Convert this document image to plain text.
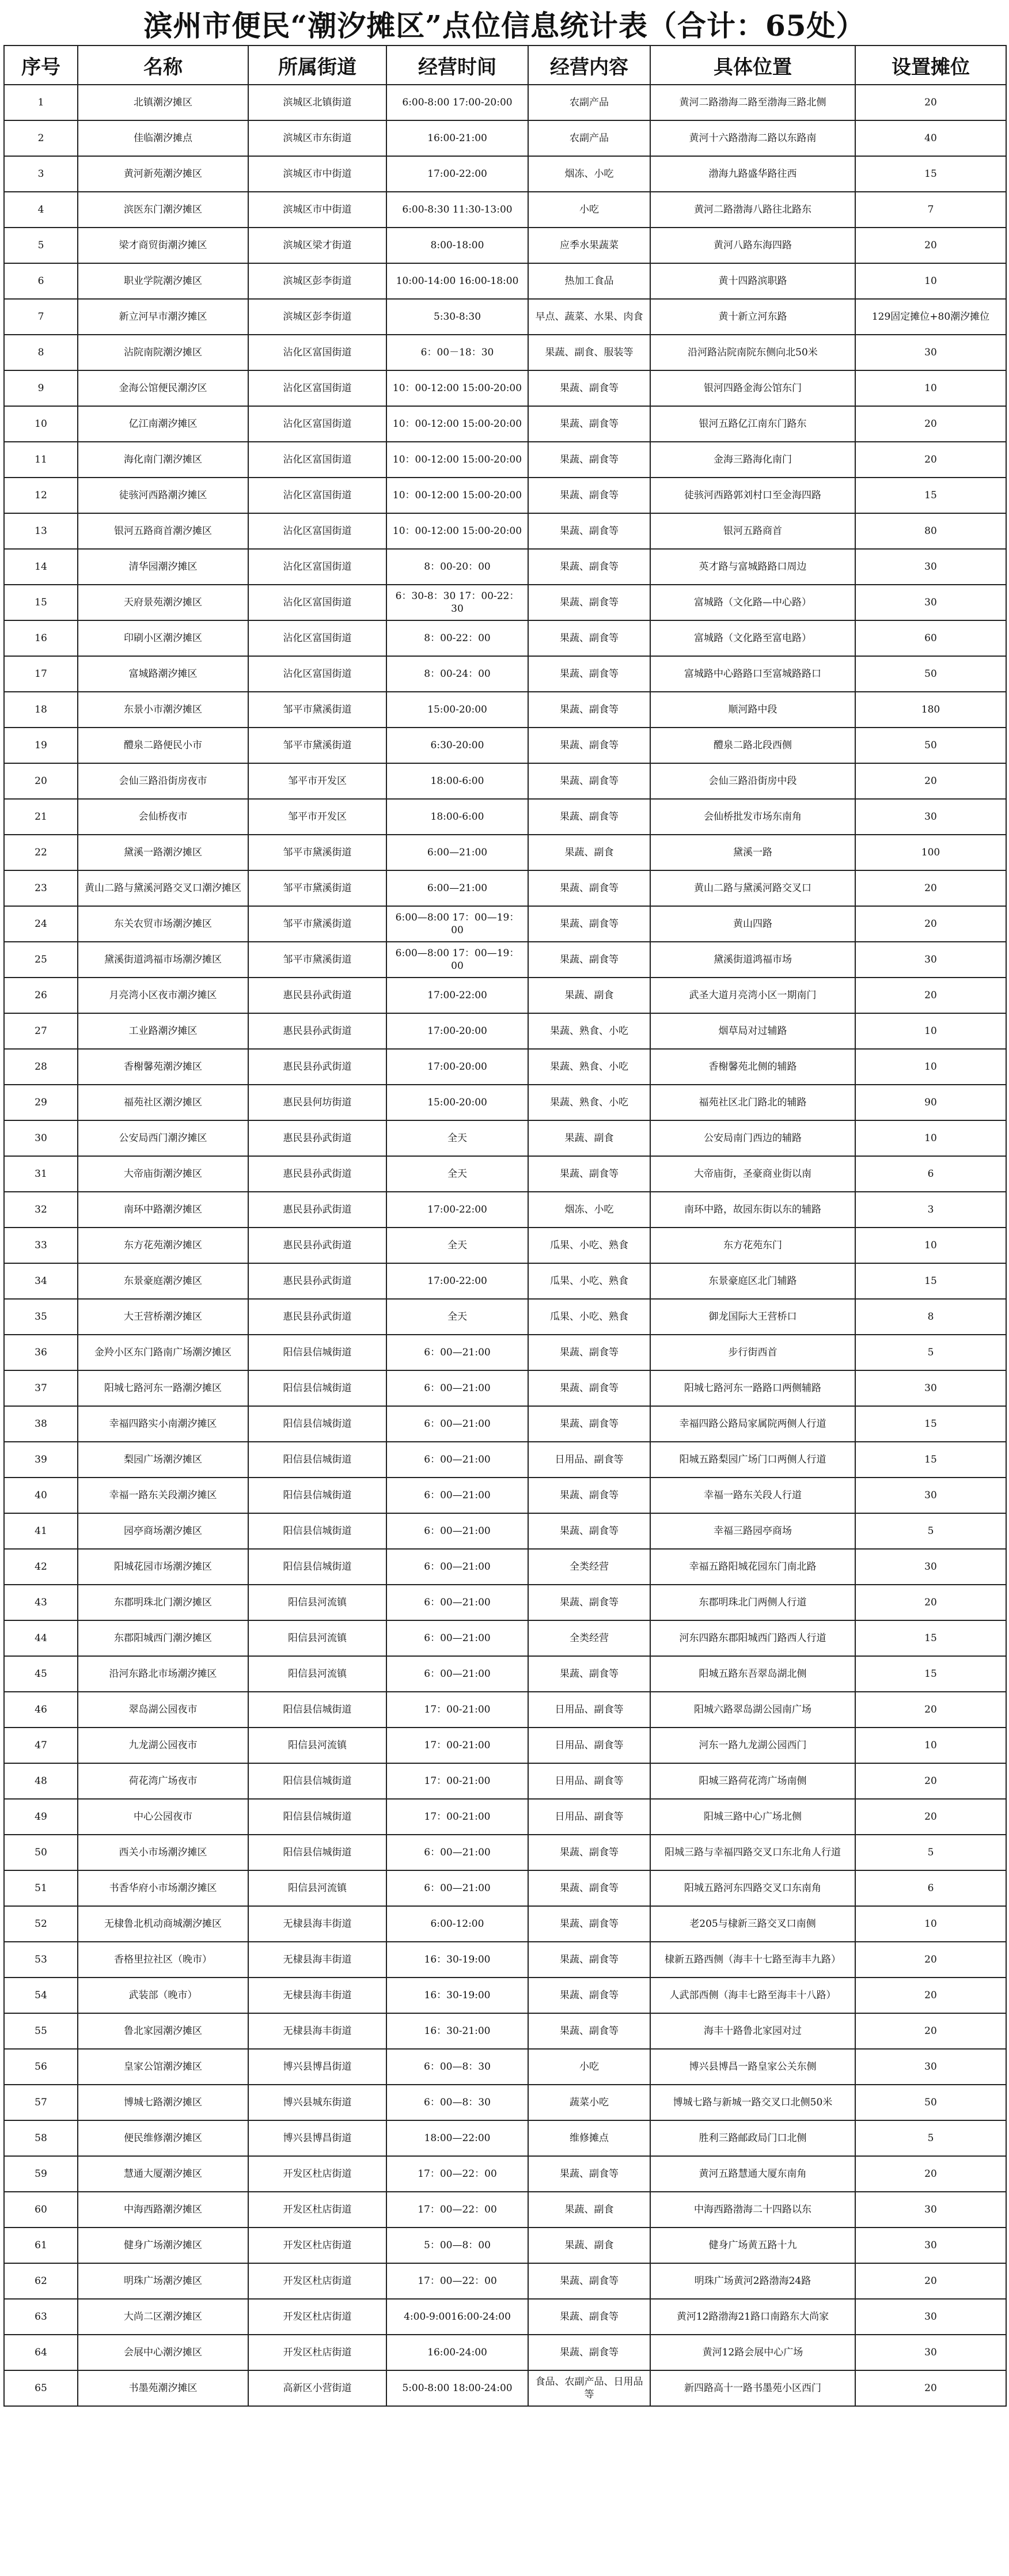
滨州市便民“潮汐摊区”点位信息统计表（合计：65处）
序号	名称	所属街道	经营时间	经营内容	具体位置	设置摊位
1	北镇潮汐摊区	滨城区北镇街道	6:00-8:00 17:00-20:00	农副产品	黄河二路渤海二路至渤海三路北侧	20
2	佳临潮汐摊点	滨城区市东街道	16:00-21:00	农副产品	黄河十六路渤海二路以东路南	40
3	黄河新苑潮汐摊区	滨城区市中街道	17:00-22:00	烟冻、小吃	渤海九路盛华路往西	15
4	滨医东门潮汐摊区	滨城区市中街道	6:00-8:30 11:30-13:00	小吃	黄河二路渤海八路往北路东	7
5	梁才商贸街潮汐摊区	滨城区梁才街道	8:00-18:00	应季水果蔬菜	黄河八路东海四路	20
6	职业学院潮汐摊区	滨城区彭李街道	10:00-14:00 16:00-18:00	热加工食品	黄十四路滨职路	10
7	新立河早市潮汐摊区	滨城区彭李街道	5:30-8:30	早点、蔬菜、水果、肉食	黄十新立河东路	129固定摊位+80潮汐摊位
8	沾院南院潮汐摊区	沾化区富国街道	6：00－18：30	果蔬、副食、服装等	沿河路沾院南院东侧向北50米	30
9	金海公馆便民潮汐区	沾化区富国街道	10：00-12:00 15:00-20:00	果蔬、副食等	银河四路金海公馆东门	10
10	亿江南潮汐摊区	沾化区富国街道	10：00-12:00 15:00-20:00	果蔬、副食等	银河五路亿江南东门路东	20
11	海化南门潮汐摊区	沾化区富国街道	10：00-12:00 15:00-20:00	果蔬、副食等	金海三路海化南门	20
12	徒骇河西路潮汐摊区	沾化区富国街道	10：00-12:00 15:00-20:00	果蔬、副食等	徒骇河西路郭刘村口至金海四路	15
13	银河五路商首潮汐摊区	沾化区富国街道	10：00-12:00 15:00-20:00	果蔬、副食等	银河五路商首	80
14	清华园潮汐摊区	沾化区富国街道	8：00-20：00	果蔬、副食等	英才路与富城路路口周边	30
15	天府景苑潮汐摊区	沾化区富国街道	6：30-8：30 17：00-22：30	果蔬、副食等	富城路（文化路—中心路）	30
16	印刷小区潮汐摊区	沾化区富国街道	8：00-22：00	果蔬、副食等	富城路（文化路至富电路）	60
17	富城路潮汐摊区	沾化区富国街道	8：00-24：00	果蔬、副食等	富城路中心路路口至富城路路口	50
18	东景小市潮汐摊区	邹平市黛溪街道	15:00-20:00	果蔬、副食等	顺河路中段	180
19	醴泉二路便民小市	邹平市黛溪街道	6:30-20:00	果蔬、副食等	醴泉二路北段西侧	50
20	会仙三路沿街房夜市	邹平市开发区	18:00-6:00	果蔬、副食等	会仙三路沿街房中段	20
21	会仙桥夜市	邹平市开发区	18:00-6:00	果蔬、副食等	会仙桥批发市场东南角	30
22	黛溪一路潮汐摊区	邹平市黛溪街道	6:00—21:00	果蔬、副食	黛溪一路	100
23	黄山二路与黛溪河路交叉口潮汐摊区	邹平市黛溪街道	6:00—21:00	果蔬、副食等	黄山二路与黛溪河路交叉口	20
24	东关农贸市场潮汐摊区	邹平市黛溪街道	6:00—8:00 17：00—19：00	果蔬、副食等	黄山四路	20
25	黛溪街道鸿福市场潮汐摊区	邹平市黛溪街道	6:00—8:00 17：00—19：00	果蔬、副食等	黛溪街道鸿福市场	30
26	月亮湾小区夜市潮汐摊区	惠民县孙武街道	17:00-22:00	果蔬、副食	武圣大道月亮湾小区一期南门	20
27	工业路潮汐摊区	惠民县孙武街道	17:00-20:00	果蔬、熟食、小吃	烟草局对过辅路	10
28	香榭馨苑潮汐摊区	惠民县孙武街道	17:00-20:00	果蔬、熟食、小吃	香榭馨苑北侧的辅路	10
29	福苑社区潮汐摊区	惠民县何坊街道	15:00-20:00	果蔬、熟食、小吃	福苑社区北门路北的辅路	90
30	公安局西门潮汐摊区	惠民县孙武街道	全天	果蔬、副食	公安局南门西边的辅路	10
31	大帝庙街潮汐摊区	惠民县孙武街道	全天	果蔬、副食等	大帝庙街，圣豪商业街以南	6
32	南环中路潮汐摊区	惠民县孙武街道	17:00-22:00	烟冻、小吃	南环中路，故园东街以东的辅路	3
33	东方花苑潮汐摊区	惠民县孙武街道	全天	瓜果、小吃、熟食	东方花苑东门	10
34	东景豪庭潮汐摊区	惠民县孙武街道	17:00-22:00	瓜果、小吃、熟食	东景豪庭区北门辅路	15
35	大王营桥潮汐摊区	惠民县孙武街道	全天	瓜果、小吃、熟食	御龙国际大王营桥口	8
36	金羚小区东门路南广场潮汐摊区	阳信县信城街道	6：00—21:00	果蔬、副食等	步行街西首	5
37	阳城七路河东一路潮汐摊区	阳信县信城街道	6：00—21:00	果蔬、副食等	阳城七路河东一路路口两侧辅路	30
38	幸福四路实小南潮汐摊区	阳信县信城街道	6：00—21:00	果蔬、副食等	幸福四路公路局家属院两侧人行道	15
39	梨园广场潮汐摊区	阳信县信城街道	6：00—21:00	日用品、副食等	阳城五路梨园广场门口两侧人行道	15
40	幸福一路东关段潮汐摊区	阳信县信城街道	6：00—21:00	果蔬、副食等	幸福一路东关段人行道	30
41	园亭商场潮汐摊区	阳信县信城街道	6：00—21:00	果蔬、副食等	幸福三路园亭商场	5
42	阳城花园市场潮汐摊区	阳信县信城街道	6：00—21:00	全类经营	幸福五路阳城花园东门南北路	30
43	东郡明珠北门潮汐摊区	阳信县河流镇	6：00—21:00	果蔬、副食等	东郡明珠北门两侧人行道	20
44	东郡阳城西门潮汐摊区	阳信县河流镇	6：00—21:00	全类经营	河东四路东郡阳城西门路西人行道	15
45	沿河东路北市场潮汐摊区	阳信县河流镇	6：00—21:00	果蔬、副食等	阳城五路东吾翠岛湖北侧	15
46	翠岛湖公园夜市	阳信县信城街道	17：00-21:00	日用品、副食等	阳城六路翠岛湖公园南广场	20
47	九龙湖公园夜市	阳信县河流镇	17：00-21:00	日用品、副食等	河东一路九龙湖公园西门	10
48	荷花湾广场夜市	阳信县信城街道	17：00-21:00	日用品、副食等	阳城三路荷花湾广场南侧	20
49	中心公园夜市	阳信县信城街道	17：00-21:00	日用品、副食等	阳城三路中心广场北侧	20
50	西关小市场潮汐摊区	阳信县信城街道	6：00—21:00	果蔬、副食等	阳城三路与幸福四路交叉口东北角人行道	5
51	书香华府小市场潮汐摊区	阳信县河流镇	6：00—21:00	果蔬、副食等	阳城五路河东四路交叉口东南角	6
52	无棣鲁北机动商城潮汐摊区	无棣县海丰街道	6:00-12:00	果蔬、副食等	老205与棣新三路交叉口南侧	10
53	香格里拉社区（晚市）	无棣县海丰街道	16：30-19:00	果蔬、副食等	棣新五路西侧（海丰十七路至海丰九路）	20
54	武装部（晚市）	无棣县海丰街道	16：30-19:00	果蔬、副食等	人武部西侧（海丰七路至海丰十八路）	20
55	鲁北家园潮汐摊区	无棣县海丰街道	16：30-21:00	果蔬、副食等	海丰十路鲁北家园对过	20
56	皇家公馆潮汐摊区	博兴县博昌街道	6：00—8：30	小吃	博兴县博昌一路皇家公关东侧	30
57	博城七路潮汐摊区	博兴县城东街道	6：00—8：30	蔬菜小吃	博城七路与新城一路交叉口北侧50米	50
58	便民维修潮汐摊区	博兴县博昌街道	18:00—22:00	维修摊点	胜利三路邮政局门口北侧	5
59	慧通大厦潮汐摊区	开发区杜店街道	17：00—22：00	果蔬、副食等	黄河五路慧通大厦东南角	20
60	中海西路潮汐摊区	开发区杜店街道	17：00—22：00	果蔬、副食	中海西路渤海二十四路以东	30
61	健身广场潮汐摊区	开发区杜店街道	5：00—8：00	果蔬、副食	健身广场黄五路十九	30
62	明珠广场潮汐摊区	开发区杜店街道	17：00—22：00	果蔬、副食等	明珠广场黄河2路渤海24路	20
63	大尚二区潮汐摊区	开发区杜店街道	4:00-9:0016:00-24:00	果蔬、副食等	黄河12路渤海21路口南路东大尚家	30
64	会展中心潮汐摊区	开发区杜店街道	16:00-24:00	果蔬、副食等	黄河12路会展中心广场	30
65	书墨苑潮汐摊区	高新区小营街道	5:00-8:00 18:00-24:00	食品、农副产品、日用品等	新四路高十一路书墨苑小区西门	20
